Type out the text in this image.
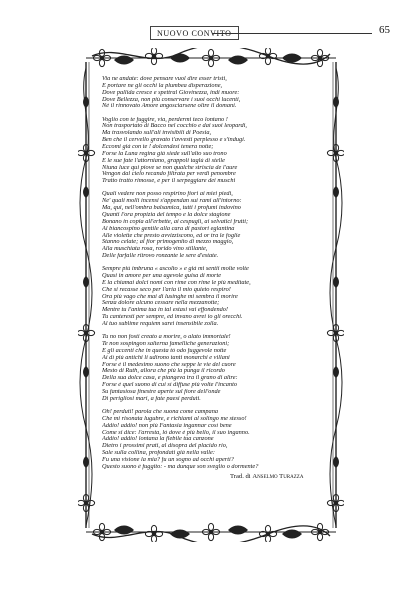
NUOVO CONVITO	65
Via ne andate: dove pensare vuol dire esser tristi,
E portare ne gli occhi la plumbea disperazione,
Dove pallida cresce e spettral Giovinezza, indi muore:
Dove Bellezza, non più conservare i suoi occhi lucenti,
Nè il rinnovato Amore angosciarsene oltre il domani.
Voglio con te fuggire, via, perdermi teco lontano !
Non trasportato di Bacco nel cocchio e dai suoi leopardi,
Ma trasvolando sull'ali invisibili di Poesia,
Ben che il cervello gravato t'avvesti perplesso e s'indugi.
Eccomi già con te ! dolcendesi tenera notte;
Forse la Luna regina già siede sull'alto suo trono
E le sue fate l'attorniano, grappoli taglù di stelle
Niuna luce qui piove se non qualche striscia de l'aure
Vengon dal cielo recando filtrata per verdi penombre
Tratto tratto rimosse, e per il serpeggiare dei muschi
Quali vedere non posso respirino fiori ai miei piedi,
Ne' quali molli incensi s'appendan sui rami all'intorno:
Ma, qui, nell'ombra balsamica, tutti i profumi indovino
Quanti l'ora propizia del tempo e la dolce stagione
Bonano in copia all'erbette, ai cespugli, ai selvatici frutti;
Al biancospino gentile alla cara di pastori eglantina
Alle violette che presto avvizziscono, ed or tra le foglie
Stanno celate; al fior primogenito di mezzo maggio,
Alla muschiata rosa, rorido vino stillante,
Delle farfalle ritrovo ronzante le sere d'estate.
Sempre più imbruna « ascolto » e già mi sentii molte volte
Quasi in amore per una agevole guisa di morte
E la chiamai dolci nomi con rime con rime le più meditate,
Che si recasse seco per l'aria il mio quieto respiro!
Ora più vago che mai di lusinghe mi sembra il morire
Senza dolore alcuno cessare nella mezzanotte;
Mentre tu l'anima tua in tal estasi vai effondendo!
Tu canteresti per sempre, ed invano avrei io gli orecchi.
Al tuo sublime requiem sarei insensibile zolla.
Tu no non fosti creato a morire, o alato immortale!
Te non sospingon salterna famelliche generazioni;
E gli accenti che in questa tò odo fuggevole notte
Ai dì più antichi li udirono tanti monarchi e villani
Forse è il medesimo suono che seppe le vie del cuore
Mesto di Ruth, allora che più la punga il ricordo
Della sua dolce casa, e piangeva tra il grano di altre:
Forse è quel suono di cui sì diffuse più volte l'incanto
Su fantasiosa finestre aperte sul fiore dell'onde
Di perigliosi mari, a fate paesi perduti.
Oh! perduti! parola che suona come campana
Che mi risonata lugubre, e richiami al solingo me stesso!
Addio! addio! non più Fantasia ingannar così bene
Come si dice: l'arresta, lò dove è più bello, il suo inganno.
Addio! addio! lontana la flebile tua canzone
Dietro i prossimi prati, al disopra del placido rio,
Sale sulla collina, profondati già nella valle:
Fu una visione la mia? fu un sogno ad occhi aperti?
Questo suono è fuggito: - ma dunque son sveglio o dormente?
Trad. di Anselmo Turazza
